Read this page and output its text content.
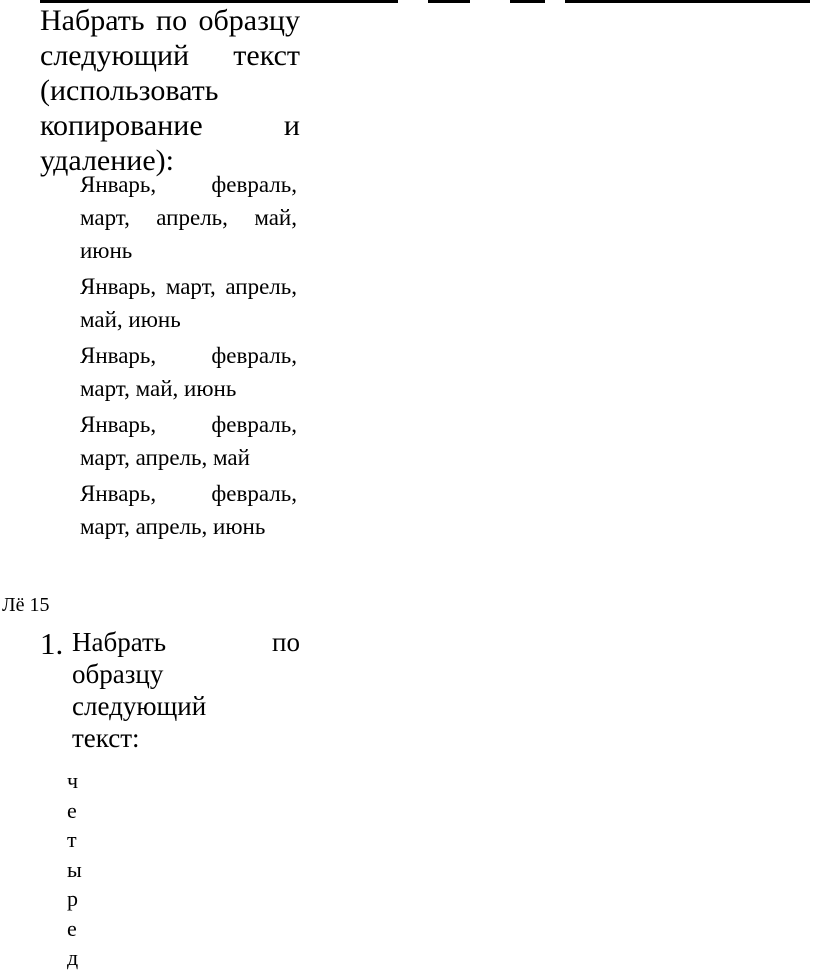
Набрать по образцу следующий текст (использовать копирование и удаление):

Январь, февраль, март, апрель, май, июнь

Январь, март, апрель, май, июнь

Январь, февраль, март, май, июнь

Январь, февраль, март, апрель, май

Январь, февраль, март, апрель, июнь

Лё 15
1. Набрать	по
образцу следующий текст:
ч
е
т
ы
р
е
д
